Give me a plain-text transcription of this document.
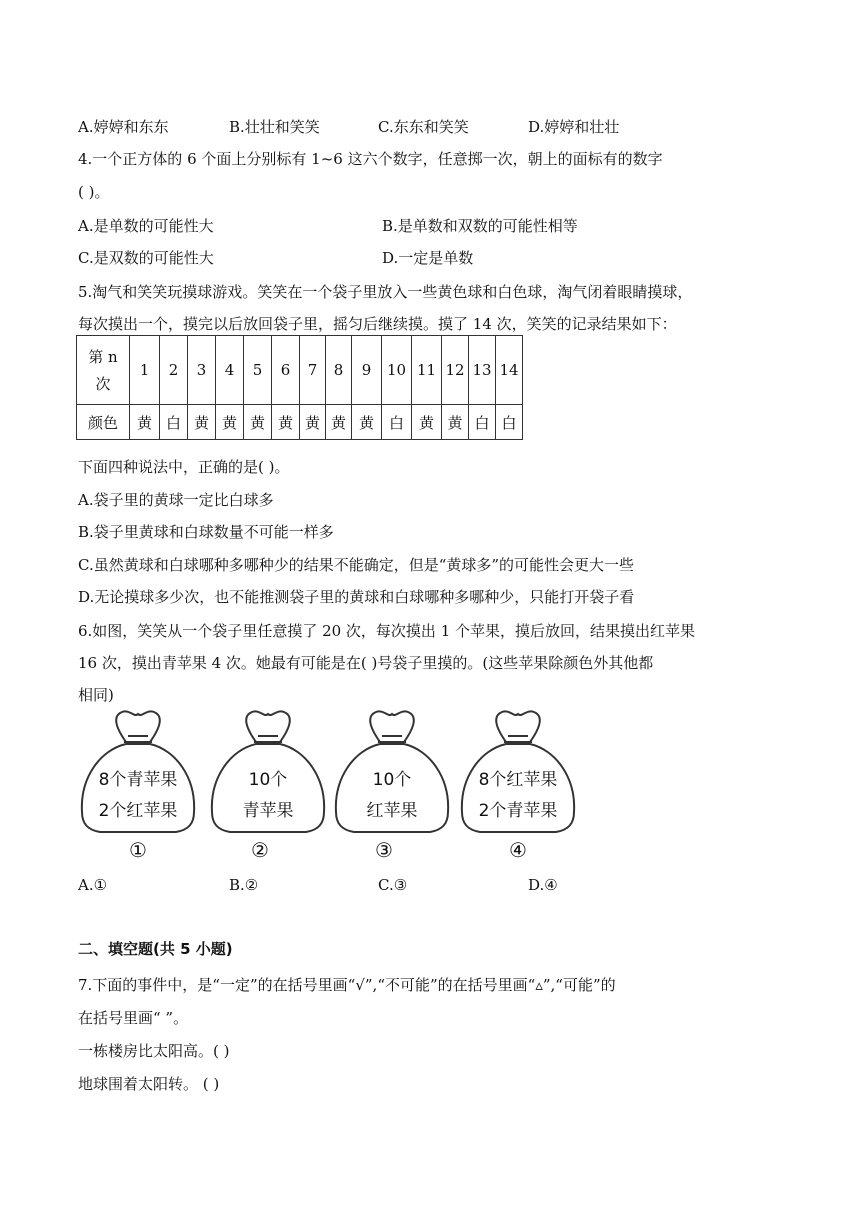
A.婷婷和东东	B.壮壮和笑笑	C.东东和笑笑	D.婷婷和壮壮
4.一个正方体的 6 个面上分别标有 1~6 这六个数字，任意掷一次，朝上的面标有的数字
( )。
A.是单数的可能性大	B.是单数和双数的可能性相等
C.是双数的可能性大	D.一定是单数
5.淘气和笑笑玩摸球游戏。笑笑在一个袋子里放入一些黄色球和白色球，淘气闭着眼睛摸球，
每次摸出一个，摸完以后放回袋子里，摇匀后继续摸。摸了 14 次，笑笑的记录结果如下：
第 n
次	1	2	3	4	5	6	7	8	9	10	11	12	13	14
颜色	黄	白	黄	黄	黄	黄	黄	黄	黄	白	黄	黄	白	白
下面四种说法中，正确的是( )。
A.袋子里的黄球一定比白球多
B.袋子里黄球和白球数量不可能一样多
C.虽然黄球和白球哪种多哪种少的结果不能确定，但是“黄球多”的可能性会更大一些
D.无论摸球多少次，也不能推测袋子里的黄球和白球哪种多哪种少，只能打开袋子看
6.如图，笑笑从一个袋子里任意摸了 20 次，每次摸出 1 个苹果，摸后放回，结果摸出红苹果
16 次，摸出青苹果 4 次。她最有可能是在( )号袋子里摸的。(这些苹果除颜色外其他都
相同)
8个青苹果
2个红苹果
10个
青苹果
10个
红苹果
8个红苹果
2个青苹果
①	②	③	④
A.①	B.②	C.③	D.④
二、填空题(共 5 小题)
7.下面的事件中，是“一定”的在括号里画“√”,“不可能”的在括号里画“▵”,“可能”的
在括号里画“ ”。
一栋楼房比太阳高。( )
地球围着太阳转。 ( )
